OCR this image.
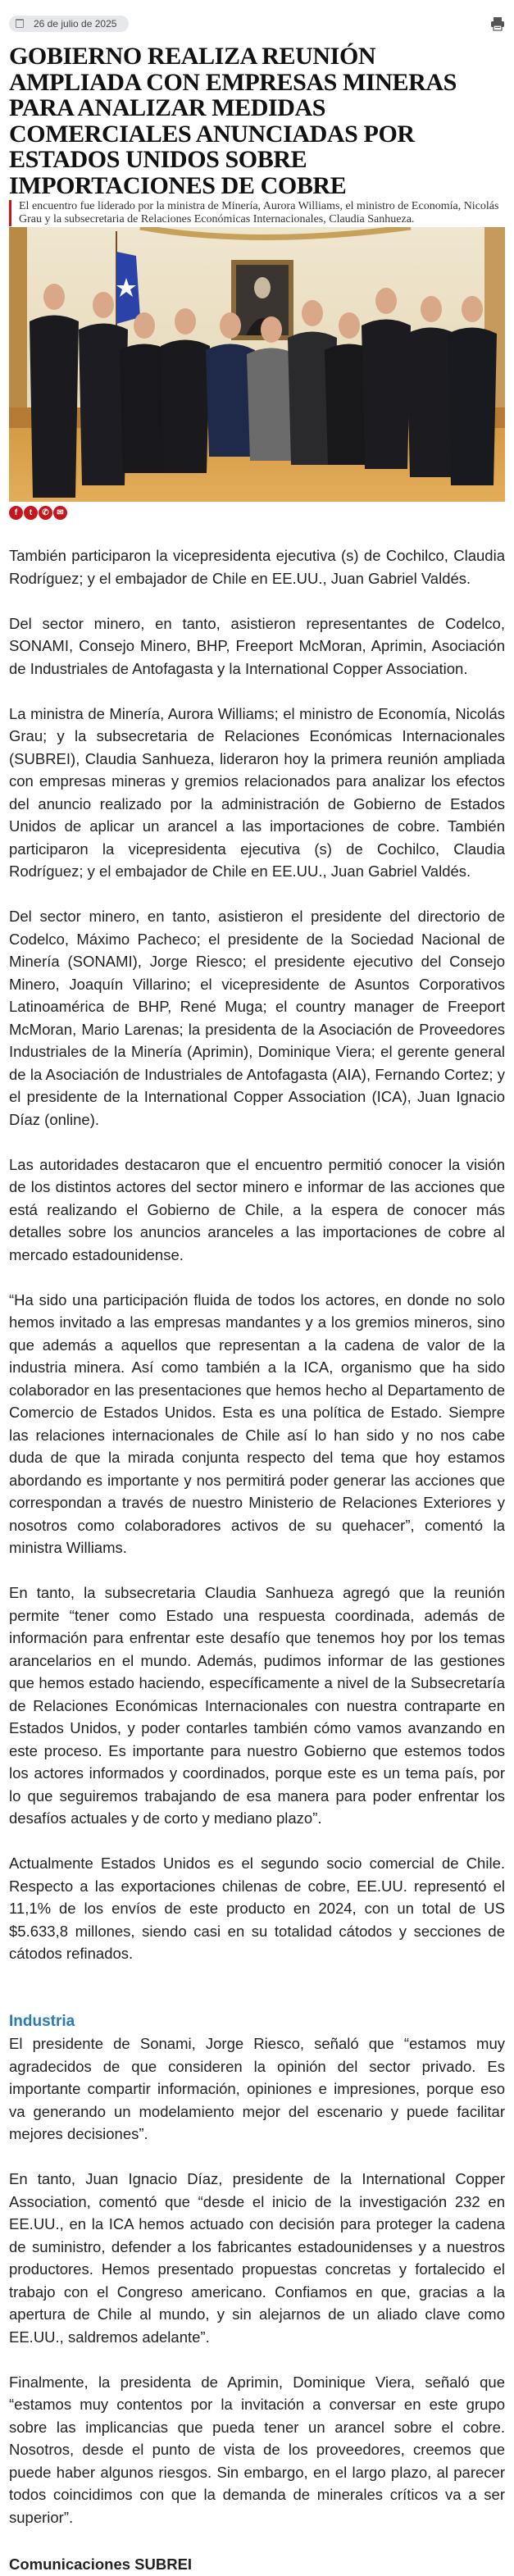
26 de julio de 2025
GOBIERNO REALIZA REUNIÓN AMPLIADA CON EMPRESAS MINERAS PARA ANALIZAR MEDIDAS COMERCIALES ANUNCIADAS POR ESTADOS UNIDOS SOBRE IMPORTACIONES DE COBRE
El encuentro fue liderado por la ministra de Minería, Aurora Williams, el ministro de Economía, Nicolás Grau y la subsecretaria de Relaciones Económicas Internacionales, Claudia Sanhueza.
f	t	✆ ✉

También participaron la vicepresidenta ejecutiva (s) de Cochilco, Claudia Rodríguez; y el embajador de Chile en EE.UU., Juan Gabriel Valdés.

Del sector minero, en tanto, asistieron representantes de Codelco, SONAMI, Consejo Minero, BHP, Freeport McMoran, Aprimin, Asociación de Industriales de Antofagasta y la International Copper Association.

La ministra de Minería, Aurora Williams; el ministro de Economía, Nicolás Grau; y la subsecretaria de Relaciones Económicas Internacionales (SUBREI), Claudia Sanhueza, lideraron hoy la primera reunión ampliada con empresas mineras y gremios relacionados para analizar los efectos del anuncio realizado por la administración de Gobierno de Estados Unidos de aplicar un arancel a las importaciones de cobre. También participaron la vicepresidenta ejecutiva (s) de Cochilco, Claudia Rodríguez; y el embajador de Chile en EE.UU., Juan Gabriel Valdés.

Del sector minero, en tanto, asistieron el presidente del directorio de Codelco, Máximo Pacheco; el presidente de la Sociedad Nacional de Minería (SONAMI), Jorge Riesco; el presidente ejecutivo del Consejo Minero, Joaquín Villarino; el vicepresidente de Asuntos Corporativos Latinoamérica de BHP, René Muga; el country manager de Freeport McMoran, Mario Larenas; la presidenta de la Asociación de Proveedores Industriales de la Minería (Aprimin), Dominique Viera; el gerente general de la Asociación de Industriales de Antofagasta (AIA), Fernando Cortez; y el presidente de la International Copper Association (ICA), Juan Ignacio Díaz (online).

Las autoridades destacaron que el encuentro permitió conocer la visión de los distintos actores del sector minero e informar de las acciones que está realizando el Gobierno de Chile, a la espera de conocer más detalles sobre los anuncios aranceles a las importaciones de cobre al mercado estadounidense.

“Ha sido una participación fluida de todos los actores, en donde no solo hemos invitado a las empresas mandantes y a los gremios mineros, sino que además a aquellos que representan a la cadena de valor de la industria minera. Así como también a la ICA, organismo que ha sido colaborador en las presentaciones que hemos hecho al Departamento de Comercio de Estados Unidos. Esta es una política de Estado. Siempre las relaciones internacionales de Chile así lo han sido y no nos cabe duda de que la mirada conjunta respecto del tema que hoy estamos abordando es importante y nos permitirá poder generar las acciones que correspondan a través de nuestro Ministerio de Relaciones Exteriores y nosotros como colaboradores activos de su quehacer”, comentó la ministra Williams.

En tanto, la subsecretaria Claudia Sanhueza agregó que la reunión permite “tener como Estado una respuesta coordinada, además de información para enfrentar este desafío que tenemos hoy por los temas arancelarios en el mundo. Además, pudimos informar de las gestiones que hemos estado haciendo, específicamente a nivel de la Subsecretaría de Relaciones Económicas Internacionales con nuestra contraparte en Estados Unidos, y poder contarles también cómo vamos avanzando en este proceso. Es importante para nuestro Gobierno que estemos todos los actores informados y coordinados, porque este es un tema país, por lo que seguiremos trabajando de esa manera para poder enfrentar los desafíos actuales y de corto y mediano plazo”.

Actualmente Estados Unidos es el segundo socio comercial de Chile. Respecto a las exportaciones chilenas de cobre, EE.UU. representó el 11,1% de los envíos de este producto en 2024, con un total de US $5.633,8 millones, siendo casi en su totalidad cátodos y secciones de cátodos refinados.

Industria

El presidente de Sonami, Jorge Riesco, señaló que “estamos muy agradecidos de que consideren la opinión del sector privado. Es importante compartir información, opiniones e impresiones, porque eso va generando un modelamiento mejor del escenario y puede facilitar mejores decisiones”.

En tanto, Juan Ignacio Díaz, presidente de la International Copper Association, comentó que “desde el inicio de la investigación 232 en EE.UU., en la ICA hemos actuado con decisión para proteger la cadena de suministro, defender a los fabricantes estadounidenses y a nuestros productores. Hemos presentado propuestas concretas y fortalecido el trabajo con el Congreso americano. Confiamos en que, gracias a la apertura de Chile al mundo, y sin alejarnos de un aliado clave como EE.UU., saldremos adelante”.

Finalmente, la presidenta de Aprimin, Dominique Viera, señaló que “estamos muy contentos por la invitación a conversar en este grupo sobre las implicancias que pueda tener un arancel sobre el cobre. Nosotros, desde el punto de vista de los proveedores, creemos que puede haber algunos riesgos. Sin embargo, en el largo plazo, al parecer todos coincidimos con que la demanda de minerales críticos va a ser superior”.

Comunicaciones SUBREI
